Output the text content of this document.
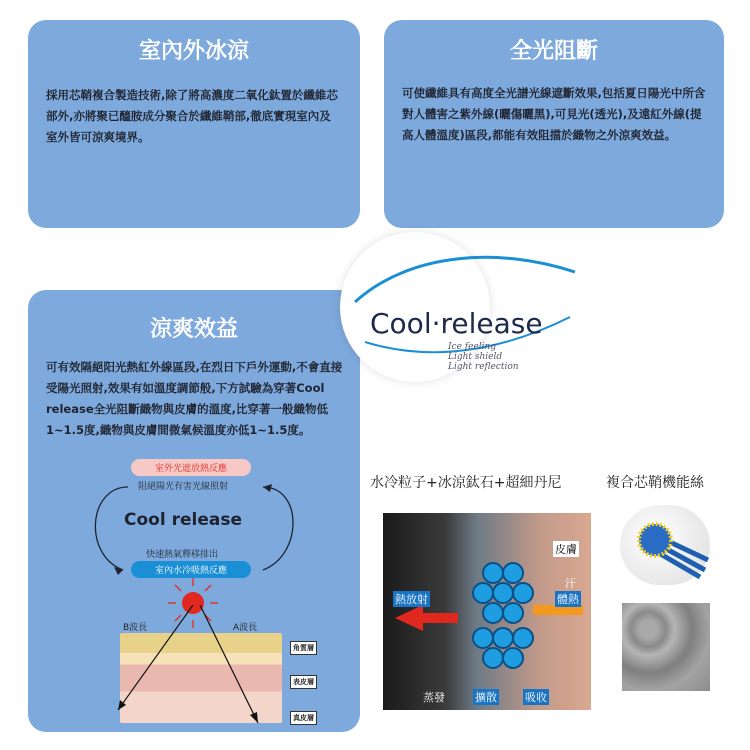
室內外冰涼

採用芯鞘複合製造技術,除了將高濃度二氧化鈦置於纖維芯部外,亦將聚已醯胺成分聚合於纖維鞘部,徹底實現室內及室外皆可涼爽境界。

全光阻斷

可使纖維具有高度全光譜光線遮斷效果,包括夏日陽光中所含對人體害之紫外線(曬傷曬黑),可見光(透光),及遠紅外線(提高人體溫度)區段,都能有效阻擋於織物之外涼爽效益。

涼爽效益

可有效隔絕阳光熱紅外線區段,在烈日下戶外運動,不會直接受陽光照射,效果有如溫度調節般,下方試驗為穿著Cool release全光阻斷織物與皮膚的溫度,比穿著一般織物低1~1.5度,織物與皮膚間微氣候溫度亦低1~1.5度。

室外光遮放熱反應
阻絕陽光有害光線照射
Cool release
快速熱氣釋移排出
室內水冷吸熱反應
B波長	A波長
角質層
表皮層
真皮層
Cool·release
Ice feeling
Light shield
Light reflection
水冷粒子+冰涼鈦石+超細丹尼	複合芯鞘機能絲
皮膚
汗
體熱
熱放射
蒸發	擴散	吸收
